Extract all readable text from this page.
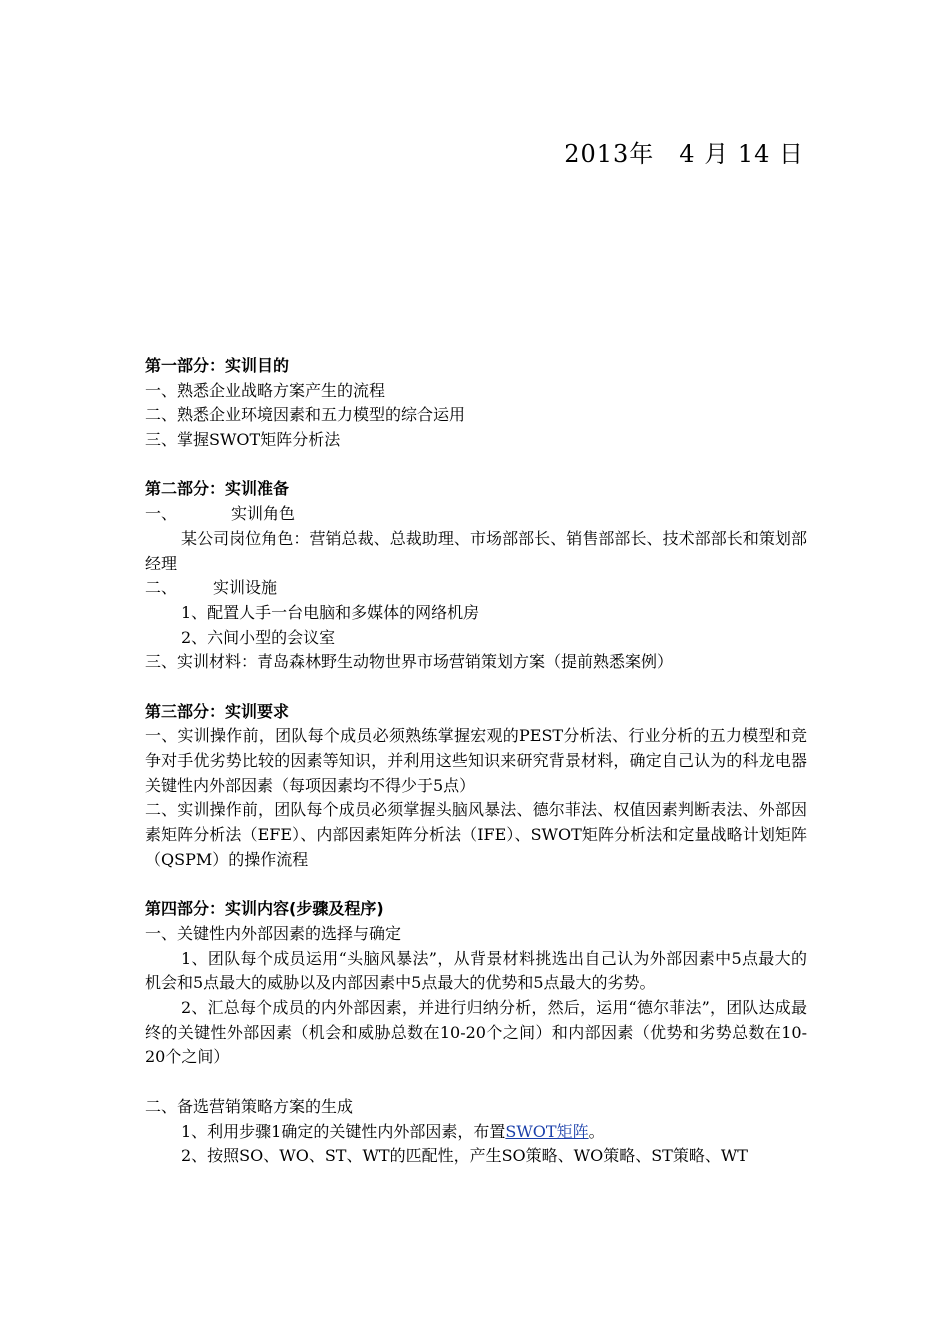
2013年　4 月 14 日
第一部分：实训目的
一、熟悉企业战略方案产生的流程
二、熟悉企业环境因素和五力模型的综合运用
三、掌握SWOT矩阵分析法
第二部分：实训准备
一、	实训角色
某公司岗位角色：营销总裁、总裁助理、市场部部长、销售部部长、技术部部长和策划部经理
二、 实训设施
1、配置人手一台电脑和多媒体的网络机房
2、六间小型的会议室
三、实训材料：青岛森林野生动物世界市场营销策划方案（提前熟悉案例）
第三部分：实训要求
一、实训操作前，团队每个成员必须熟练掌握宏观的PEST分析法、行业分析的五力模型和竞争对手优劣势比较的因素等知识，并利用这些知识来研究背景材料，确定自己认为的科龙电器关键性内外部因素（每项因素均不得少于5点）
二、实训操作前，团队每个成员必须掌握头脑风暴法、德尔菲法、权值因素判断表法、外部因素矩阵分析法（EFE）、内部因素矩阵分析法（IFE）、SWOT矩阵分析法和定量战略计划矩阵（QSPM）的操作流程
第四部分：实训内容(步骤及程序)
一、关键性内外部因素的选择与确定
1、团队每个成员运用“头脑风暴法”，从背景材料挑选出自己认为外部因素中5点最大的机会和5点最大的威胁以及内部因素中5点最大的优势和5点最大的劣势。
2、汇总每个成员的内外部因素，并进行归纳分析，然后，运用“德尔菲法”，团队达成最终的关键性外部因素（机会和威胁总数在10-20个之间）和内部因素（优势和劣势总数在10-20个之间）
二、备选营销策略方案的生成
1、利用步骤1确定的关键性内外部因素，布置SWOT矩阵。
2、按照SO、WO、ST、WT的匹配性，产生SO策略、WO策略、ST策略、WT
